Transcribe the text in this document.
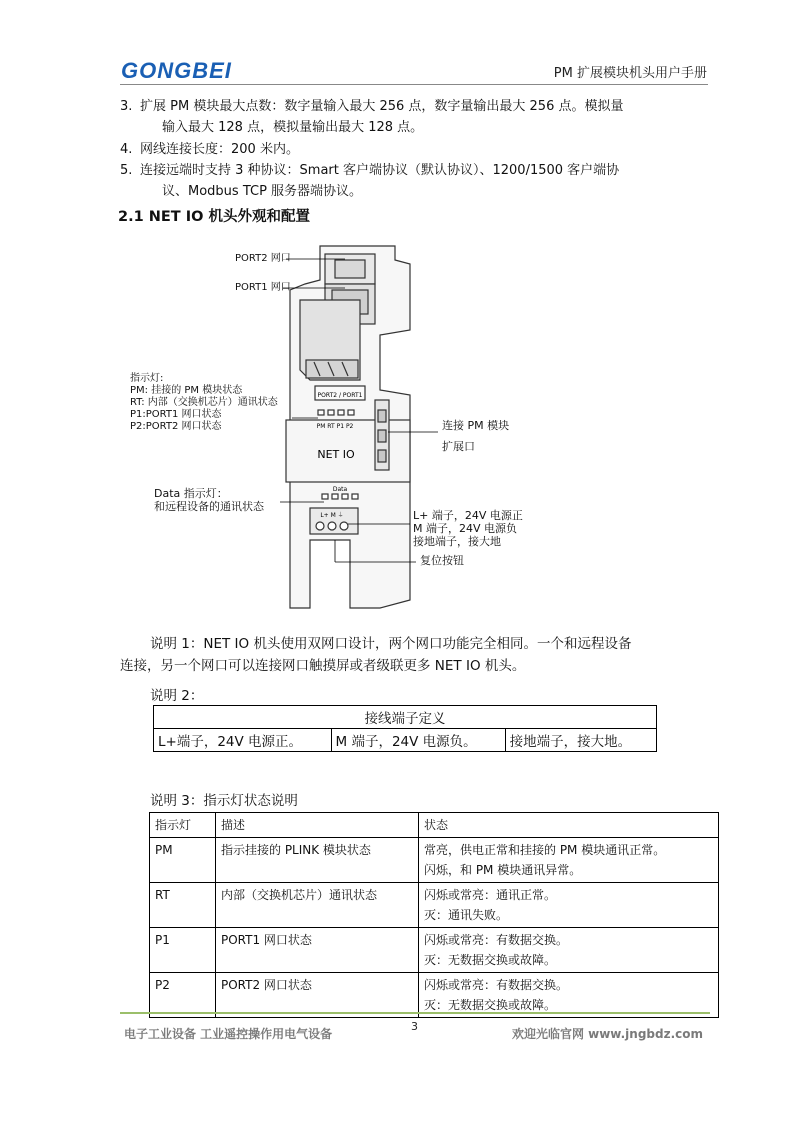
GONGBEI	PM 扩展模块机头用户手册
3. 扩展 PM 模块最大点数：数字量输入最大 256 点，数字量输出最大 256 点。模拟量
输入最大 128 点，模拟量输出最大 128 点。
4. 网线连接长度：200 米内。
5. 连接远端时支持 3 种协议：Smart 客户端协议（默认协议）、1200/1500 客户端协
议、Modbus TCP 服务器端协议。
2.1 NET IO 机头外观和配置
PORT2 / PORT1
PM RT P1 P2
NET IO
Data
L+ M ⏚
PORT2 网口
PORT1 网口
指示灯:
PM: 挂接的 PM 模块状态
RT: 内部（交换机芯片）通讯状态
P1:PORT1 网口状态
P2:PORT2 网口状态	连接 PM 模块
扩展口
Data 指示灯：
和远程设备的通讯状态
L+ 端子，24V 电源正
M 端子，24V 电源负
接地端子，接大地
复位按钮
说明 1：NET IO 机头使用双网口设计，两个网口功能完全相同。一个和远程设备
连接，另一个网口可以连接网口触摸屏或者级联更多 NET IO 机头。
说明 2：
接线端子定义
L+端子，24V 电源正。	M 端子，24V 电源负。	接地端子，接大地。
说明 3：指示灯状态说明
指示灯	描述	状态
PM	指示挂接的 PLINK 模块状态	常亮，供电正常和挂接的 PM 模块通讯正常。
闪烁，和 PM 模块通讯异常。

RT	内部（交换机芯片）通讯状态	闪烁或常亮：通讯正常。
灭：通讯失败。

P1	PORT1 网口状态	闪烁或常亮：有数据交换。
灭：无数据交换或故障。

P2	PORT2 网口状态	闪烁或常亮：有数据交换。
灭：无数据交换或故障。
电子工业设备 工业遥控操作用电气设备
3
欢迎光临官网 www.jngbdz.com
